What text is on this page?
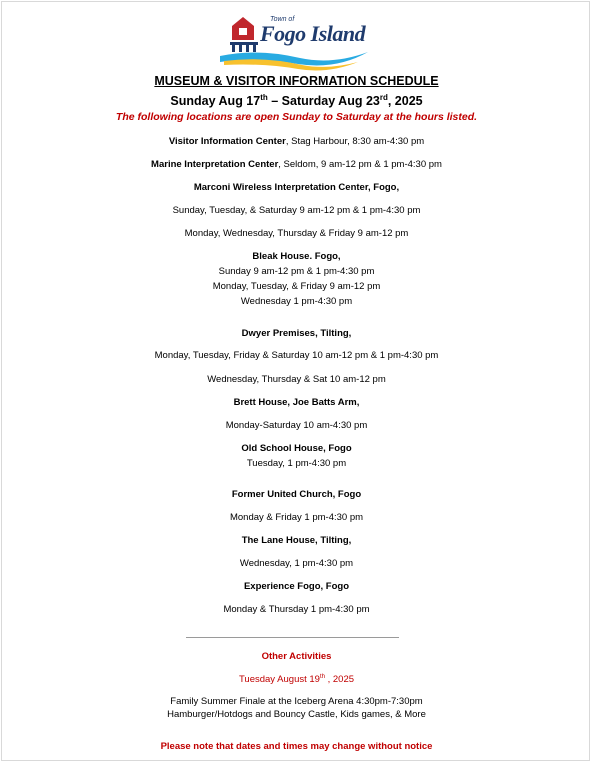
Town of
Fogo Island
MUSEUM & VISITOR INFORMATION SCHEDULE
Sunday Aug 17th – Saturday Aug 23rd, 2025
The following locations are open Sunday to Saturday at the hours listed.
Visitor Information Center, Stag Harbour, 8:30 am-4:30 pm
Marine Interpretation Center, Seldom, 9 am-12 pm & 1 pm-4:30 pm
Marconi Wireless Interpretation Center, Fogo,
Sunday, Tuesday, & Saturday 9 am-12 pm & 1 pm-4:30 pm
Monday, Wednesday, Thursday & Friday 9 am-12 pm
Bleak House. Fogo,
Sunday 9 am-12 pm & 1 pm-4:30 pm
Monday, Tuesday, & Friday 9 am-12 pm
Wednesday 1 pm-4:30 pm
Dwyer Premises, Tilting,
Monday, Tuesday, Friday & Saturday 10 am-12 pm & 1 pm-4:30 pm
Wednesday, Thursday & Sat 10 am-12 pm
Brett House, Joe Batts Arm,
Monday-Saturday 10 am-4:30 pm
Old School House, Fogo
Tuesday, 1 pm-4:30 pm
Former United Church, Fogo
Monday & Friday 1 pm-4:30 pm
The Lane House, Tilting,
Wednesday, 1 pm-4:30 pm
Experience Fogo, Fogo
Monday & Thursday 1 pm-4:30 pm
Other Activities
Tuesday August 19th , 2025
Family Summer Finale at the Iceberg Arena 4:30pm-7:30pm
Hamburger/Hotdogs and Bouncy Castle, Kids games, & More
Please note that dates and times may change without notice
